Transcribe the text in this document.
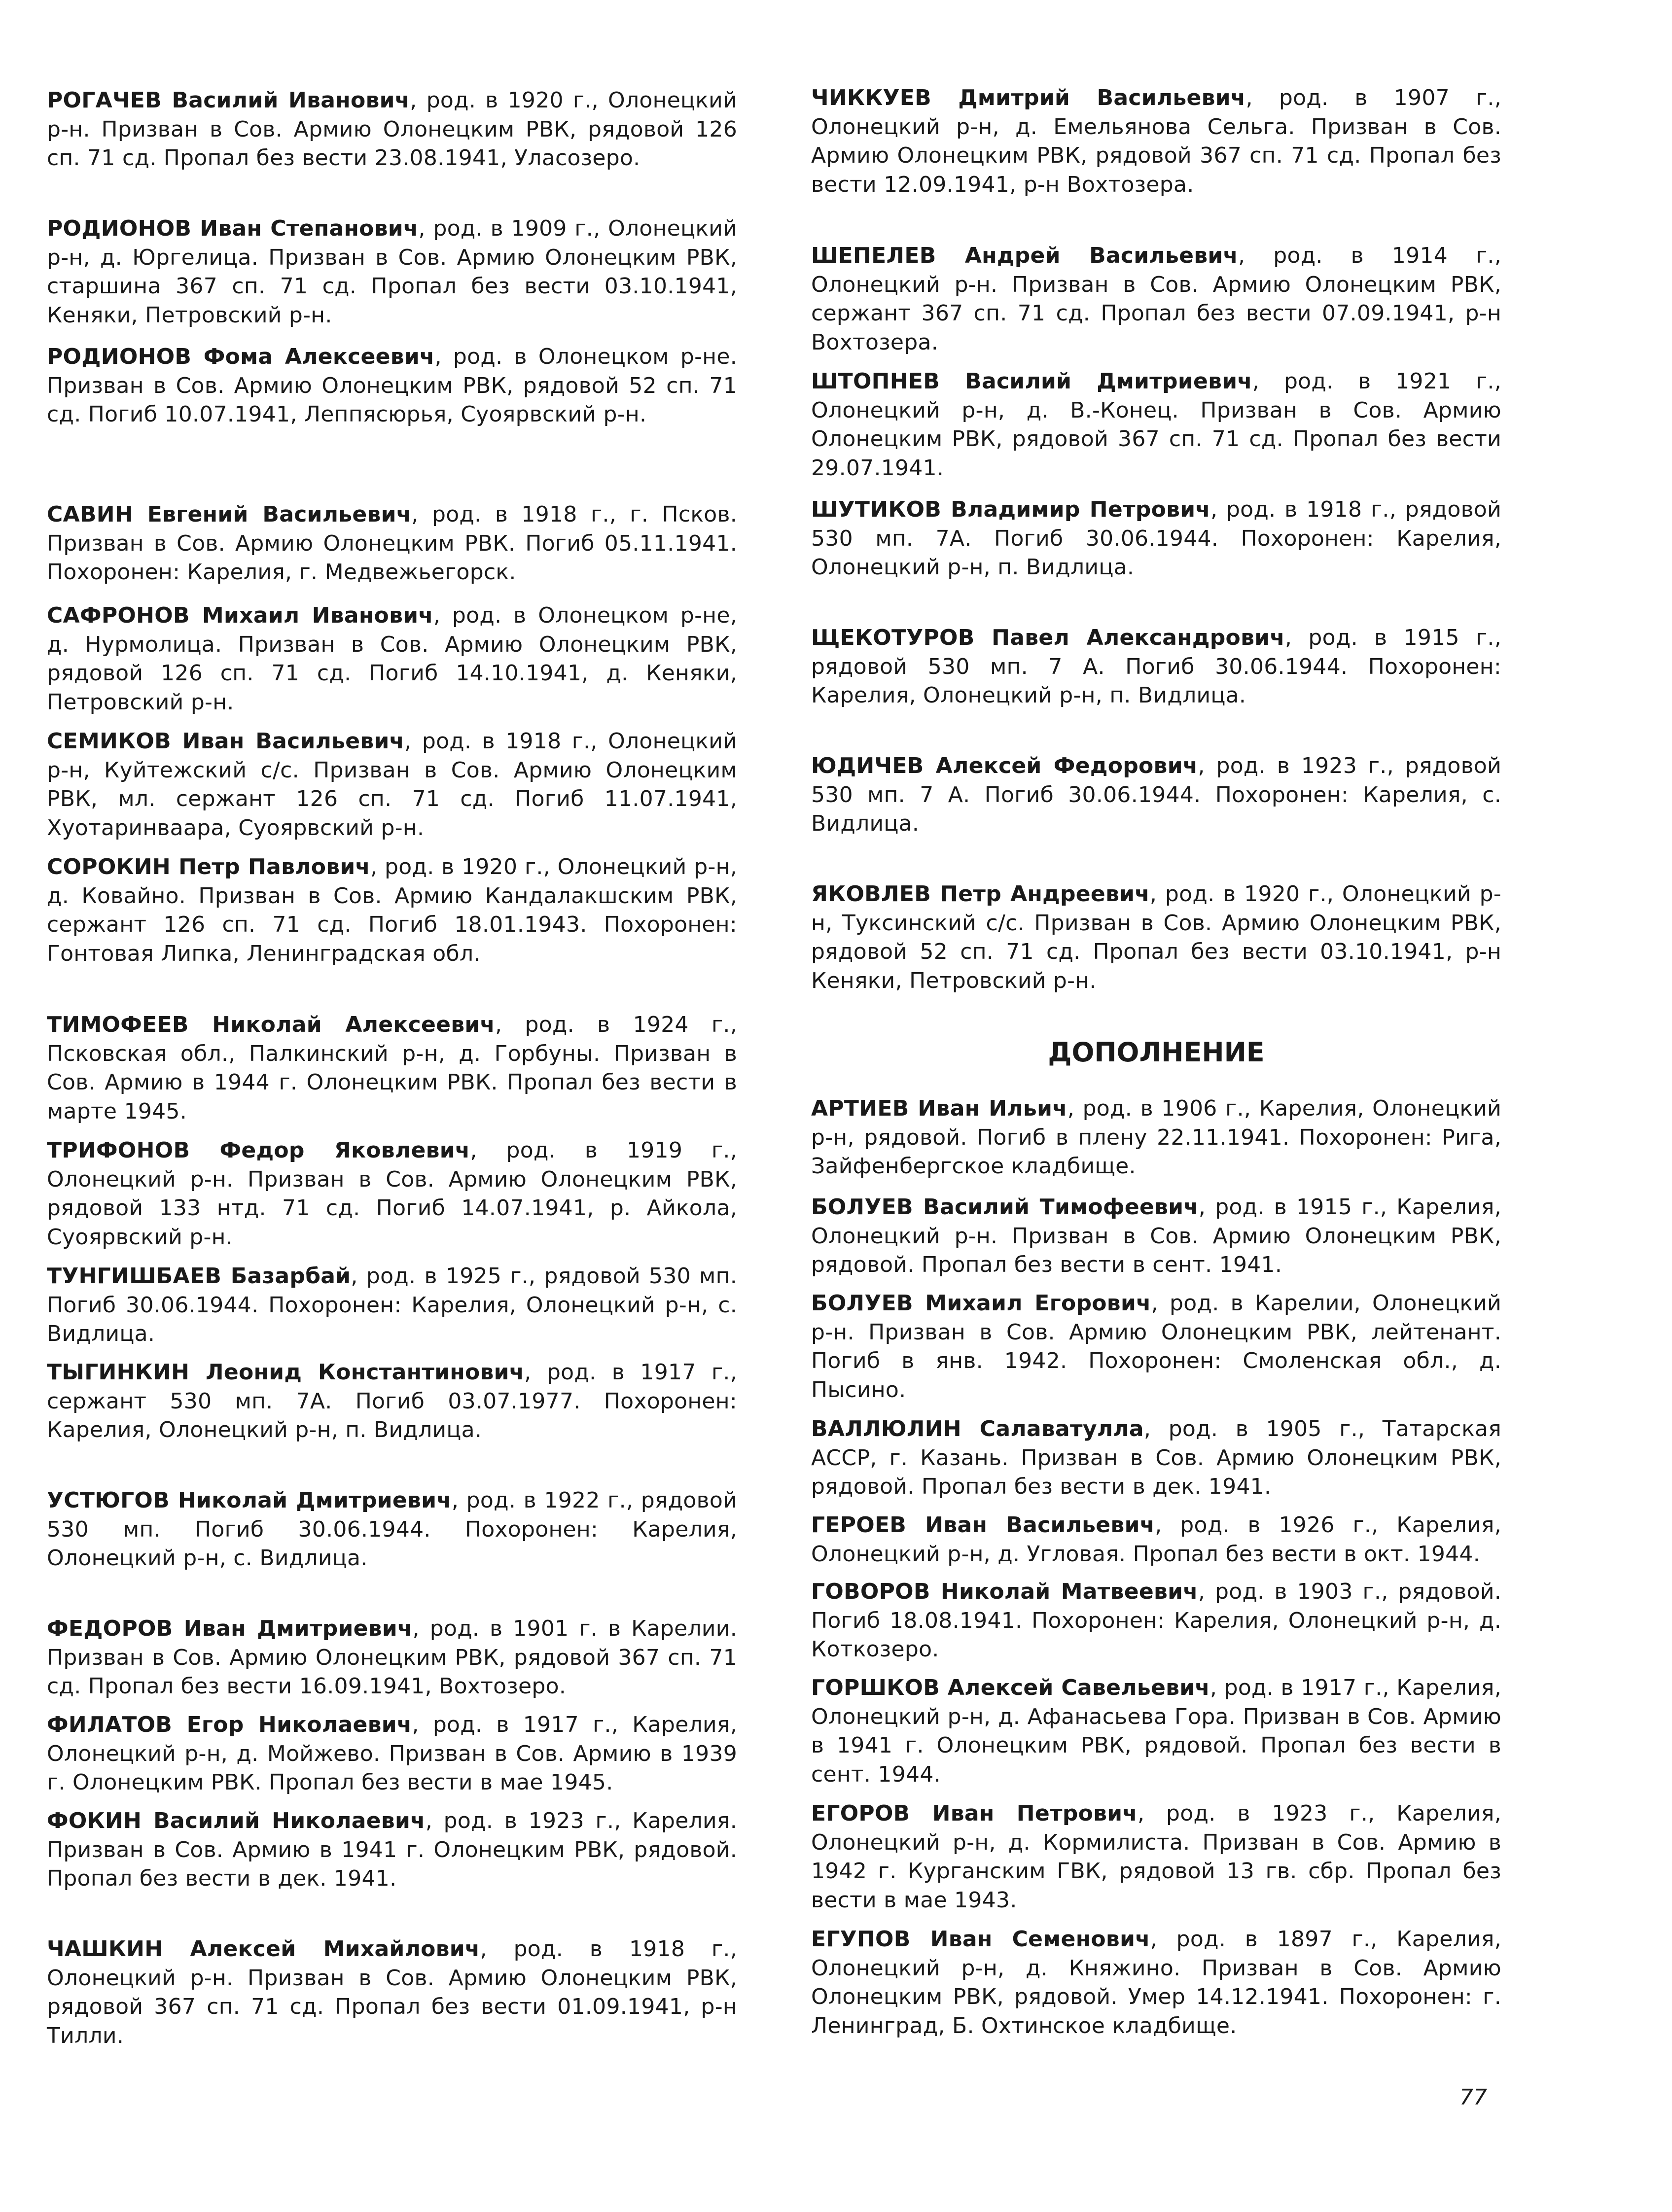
РОГАЧЕВ Василий Иванович, род. в 1920 г., Олонецкий р-н. Призван в Сов. Армию Олонецким РВК, рядовой 126 сп. 71 сд. Пропал без вести 23.08.1941, Уласозеро.

РОДИОНОВ Иван Степанович, род. в 1909 г., Олонецкий р-н, д. Юргелица. Призван в Сов. Армию Олонецким РВК, старшина 367 сп. 71 сд. Пропал без вести 03.10.1941, Кеняки, Петровский р-н.

РОДИОНОВ Фома Алексеевич, род. в Олонецком р-не. Призван в Сов. Армию Олонецким РВК, рядовой 52 сп. 71 сд. Погиб 10.07.1941, Леппясюрья, Суоярвский р-н.

САВИН Евгений Васильевич, род. в 1918 г., г. Псков. Призван в Сов. Армию Олонецким РВК. Погиб 05.11.1941. Похоронен: Карелия, г. Медвежьегорск.

САФРОНОВ Михаил Иванович, род. в Олонецком р-не, д. Нурмолица. Призван в Сов. Армию Олонецким РВК, рядовой 126 сп. 71 сд. Погиб 14.10.1941, д. Кеняки, Петровский р-н.

СЕМИКОВ Иван Васильевич, род. в 1918 г., Олонецкий р-н, Куйтежский с/с. Призван в Сов. Армию Олонецким РВК, мл. сержант 126 сп. 71 сд. Погиб 11.07.1941, Хуотаринваара, Суоярвский р-н.

СОРОКИН Петр Павлович, род. в 1920 г., Олонецкий р-н, д. Ковайно. Призван в Сов. Армию Кандалакшским РВК, сержант 126 сп. 71 сд. Погиб 18.01.1943. Похоронен: Гонтовая Липка, Ленинградская обл.

ТИМОФЕЕВ Николай Алексеевич, род. в 1924 г., Псковская обл., Палкинский р-н, д. Горбуны. Призван в Сов. Армию в 1944 г. Олонецким РВК. Пропал без вести в марте 1945.

ТРИФОНОВ Федор Яковлевич, род. в 1919 г., Олонецкий р-н. Призван в Сов. Армию Олонецким РВК, рядовой 133 нтд. 71 сд. Погиб 14.07.1941, р. Айкола, Суоярвский р-н.

ТУНГИШБАЕВ Базарбай, род. в 1925 г., рядовой 530 мп. Погиб 30.06.1944. Похоронен: Карелия, Олонецкий р-н, с. Видлица.

ТЫГИНКИН Леонид Константинович, род. в 1917 г., сержант 530 мп. 7А. Погиб 03.07.1977. Похоронен: Карелия, Олонецкий р-н, п. Видлица.

УСТЮГОВ Николай Дмитриевич, род. в 1922 г., рядовой 530 мп. Погиб 30.06.1944. Похоронен: Карелия, Олонецкий р-н, с. Видлица.

ФЕДОРОВ Иван Дмитриевич, род. в 1901 г. в Карелии. Призван в Сов. Армию Олонецким РВК, рядовой 367 сп. 71 сд. Пропал без вести 16.09.1941, Вохтозеро.

ФИЛАТОВ Егор Николаевич, род. в 1917 г., Карелия, Олонецкий р-н, д. Мойжево. Призван в Сов. Армию в 1939 г. Олонецким РВК. Пропал без вести в мае 1945.

ФОКИН Василий Николаевич, род. в 1923 г., Карелия. Призван в Сов. Армию в 1941 г. Олонецким РВК, рядовой. Пропал без вести в дек. 1941.

ЧАШКИН Алексей Михайлович, род. в 1918 г., Олонецкий р-н. Призван в Сов. Армию Олонецким РВК, рядовой 367 сп. 71 сд. Пропал без вести 01.09.1941, р-н Тилли.

ЧИККУЕВ Дмитрий Васильевич, род. в 1907 г., Олонецкий р-н, д. Емельянова Сельга. Призван в Сов. Армию Олонецким РВК, рядовой 367 сп. 71 сд. Пропал без вести 12.09.1941, р-н Вохтозера.

ШЕПЕЛЕВ Андрей Васильевич, род. в 1914 г., Олонецкий р-н. Призван в Сов. Армию Олонецким РВК, сержант 367 сп. 71 сд. Пропал без вести 07.09.1941, р-н Вохтозера.

ШТОПНЕВ Василий Дмитриевич, род. в 1921 г., Олонецкий р-н, д. В.-Конец. Призван в Сов. Армию Олонецким РВК, рядовой 367 сп. 71 сд. Пропал без вести 29.07.1941.

ШУТИКОВ Владимир Петрович, род. в 1918 г., рядовой 530 мп. 7А. Погиб 30.06.1944. Похоронен: Карелия, Олонецкий р-н, п. Видлица.

ЩЕКОТУРОВ Павел Александрович, род. в 1915 г., рядовой 530 мп. 7 А. Погиб 30.06.1944. Похоронен: Карелия, Олонецкий р-н, п. Видлица.

ЮДИЧЕВ Алексей Федорович, род. в 1923 г., рядовой 530 мп. 7 А. Погиб 30.06.1944. Похоронен: Карелия, с. Видлица.

ЯКОВЛЕВ Петр Андреевич, род. в 1920 г., Олонецкий р-н, Туксинский с/с. Призван в Сов. Армию Олонецким РВК, рядовой 52 сп. 71 сд. Пропал без вести 03.10.1941, р-н Кеняки, Петровский р-н.

ДОПОЛНЕНИЕ

АРТИЕВ Иван Ильич, род. в 1906 г., Карелия, Олонецкий р-н, рядовой. Погиб в плену 22.11.1941. Похоронен: Рига, Зайфенбергское кладбище.

БОЛУЕВ Василий Тимофеевич, род. в 1915 г., Карелия, Олонецкий р-н. Призван в Сов. Армию Олонецким РВК, рядовой. Пропал без вести в сент. 1941.

БОЛУЕВ Михаил Егорович, род. в Карелии, Олонецкий р-н. Призван в Сов. Армию Олонецким РВК, лейтенант. Погиб в янв. 1942. Похоронен: Смоленская обл., д. Пысино.

ВАЛЛЮЛИН Салаватулла, род. в 1905 г., Татарская АССР, г. Казань. Призван в Сов. Армию Олонецким РВК, рядовой. Пропал без вести в дек. 1941.

ГЕРОЕВ Иван Васильевич, род. в 1926 г., Карелия, Олонецкий р-н, д. Угловая. Пропал без вести в окт. 1944.

ГОВОРОВ Николай Матвеевич, род. в 1903 г., рядовой. Погиб 18.08.1941. Похоронен: Карелия, Олонецкий р-н, д. Коткозеро.

ГОРШКОВ Алексей Савельевич, род. в 1917 г., Карелия, Олонецкий р-н, д. Афанасьева Гора. Призван в Сов. Армию в 1941 г. Олонецким РВК, рядовой. Пропал без вести в сент. 1944.

ЕГОРОВ Иван Петрович, род. в 1923 г., Карелия, Олонецкий р-н, д. Кормилиста. Призван в Сов. Армию в 1942 г. Курганским ГВК, рядовой 13 гв. сбр. Пропал без вести в мае 1943.

ЕГУПОВ Иван Семенович, род. в 1897 г., Карелия, Олонецкий р-н, д. Княжино. Призван в Сов. Армию Олонецким РВК, рядовой. Умер 14.12.1941. Похоронен: г. Ленинград, Б. Охтинское кладбище.

77
